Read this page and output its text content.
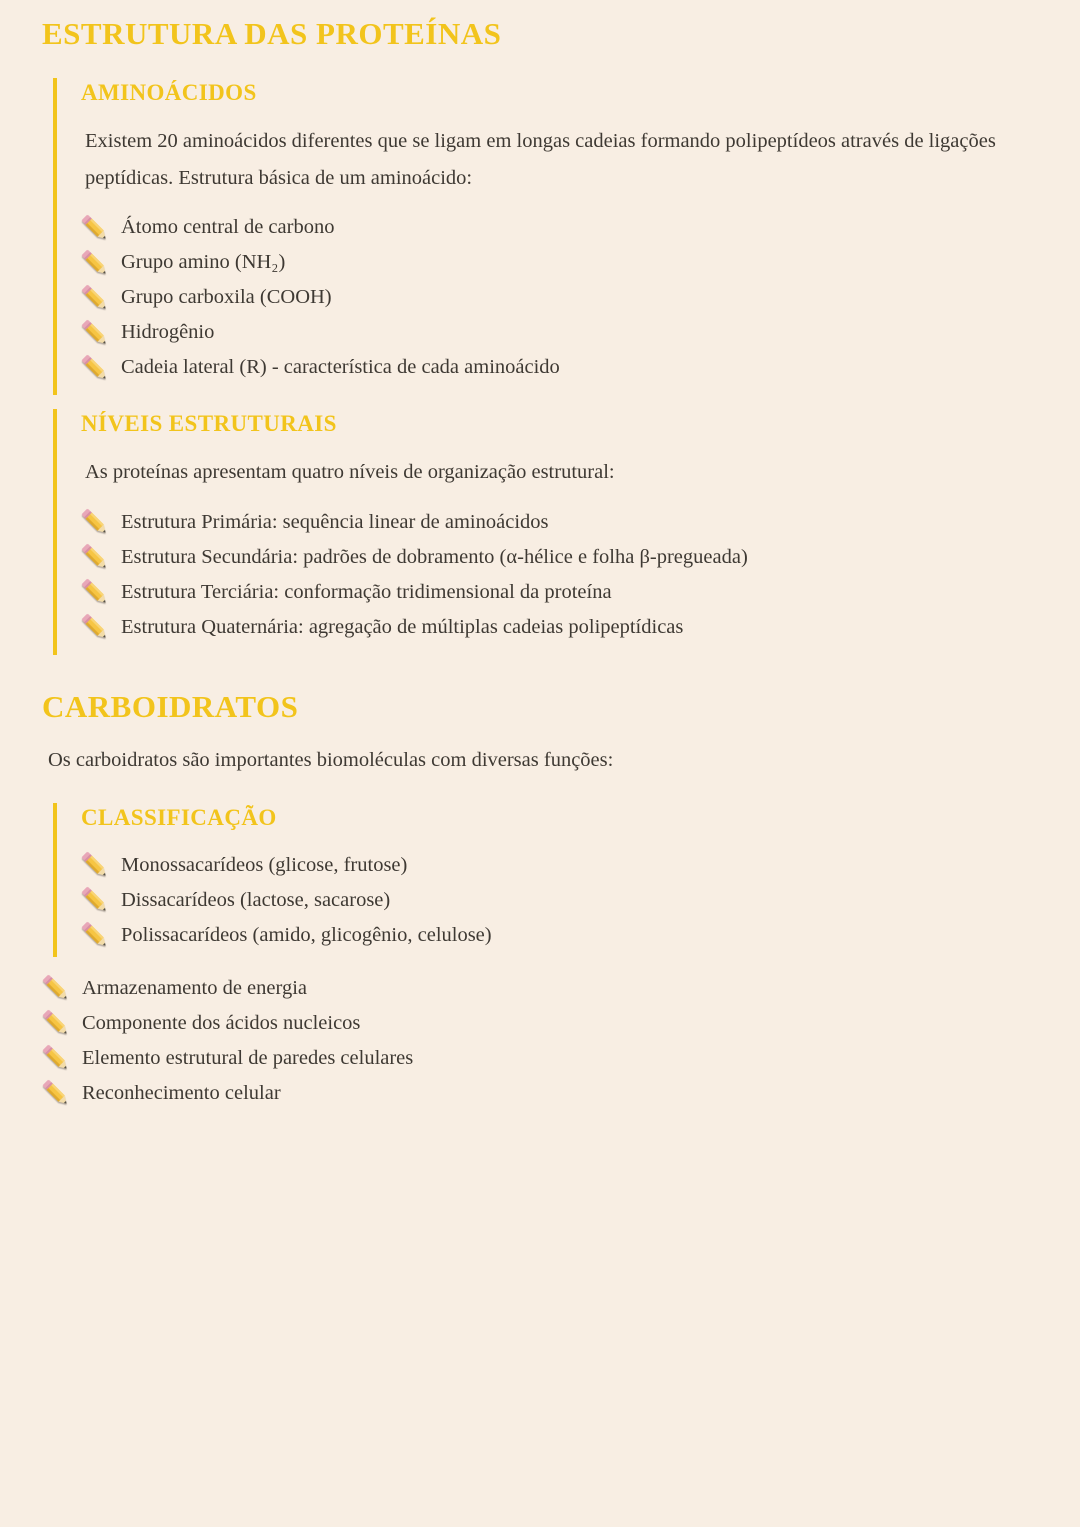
ESTRUTURA DAS PROTEÍNAS
AMINOÁCIDOS

Existem 20 aminoácidos diferentes que se ligam em longas cadeias formando polipeptídeos através de ligações peptídicas. Estrutura básica de um aminoácido:

Átomo central de carbono
Grupo amino (NH₂)
Grupo carboxila (COOH)
Hidrogênio
Cadeia lateral (R) - característica de cada aminoácido
NÍVEIS ESTRUTURAIS

As proteínas apresentam quatro níveis de organização estrutural:

Estrutura Primária: sequência linear de aminoácidos
Estrutura Secundária: padrões de dobramento (α-hélice e folha β-pregueada)
Estrutura Terciária: conformação tridimensional da proteína
Estrutura Quaternária: agregação de múltiplas cadeias polipeptídicas
CARBOIDRATOS

Os carboidratos são importantes biomoléculas com diversas funções:

CLASSIFICAÇÃO
Monossacarídeos (glicose, frutose)
Dissacarídeos (lactose, sacarose)
Polissacarídeos (amido, glicogênio, celulose)
Armazenamento de energia
Componente dos ácidos nucleicos
Elemento estrutural de paredes celulares
Reconhecimento celular
